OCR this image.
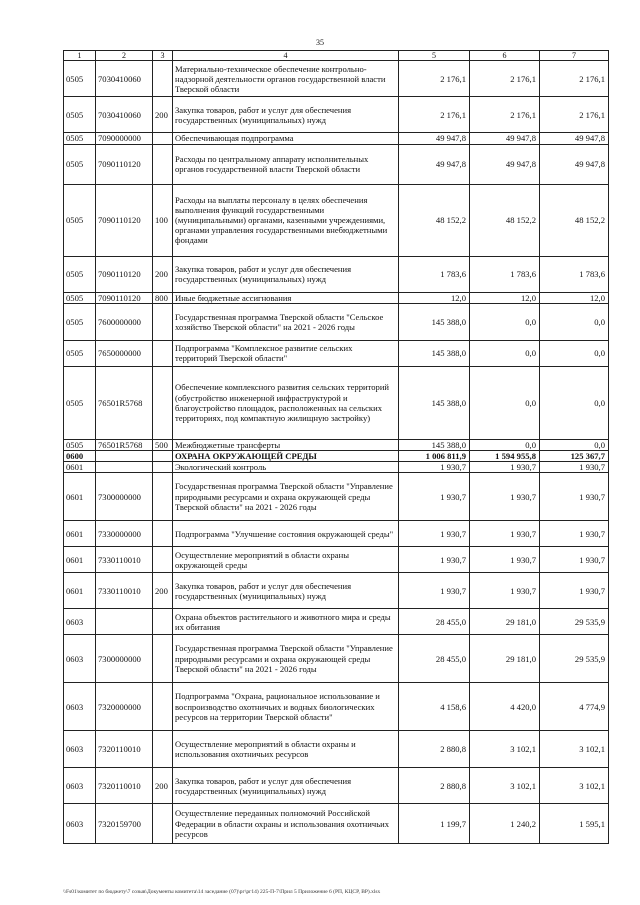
35
1	2	3	4	5	6	7
0505	7030410060		Материально-техническое обеспечение контрольно-надзорной деятельности органов государственной власти Тверской области	2 176,1	2 176,1	2 176,1
0505	7030410060	200	Закупка товаров, работ и услуг для обеспечения государственных (муниципальных) нужд	2 176,1	2 176,1	2 176,1
0505	7090000000		Обеспечивающая подпрограмма	49 947,8	49 947,8	49 947,8
0505	7090110120		Расходы по центральному аппарату исполнительных органов государственной власти Тверской области	49 947,8	49 947,8	49 947,8
0505	7090110120	100	Расходы на выплаты персоналу в целях обеспечения выполнения функций государственными (муниципальными) органами, казенными учреждениями, органами управления государственными внебюджетными фондами	48 152,2	48 152,2	48 152,2
0505	7090110120	200	Закупка товаров, работ и услуг для обеспечения государственных (муниципальных) нужд	1 783,6	1 783,6	1 783,6
0505	7090110120	800	Иные бюджетные ассигнования	12,0	12,0	12,0
0505	7600000000		Государственная программа Тверской области "Сельское хозяйство Тверской области" на 2021 - 2026 годы	145 388,0	0,0	0,0
0505	7650000000		Подпрограмма "Комплексное развитие сельских территорий Тверской области"	145 388,0	0,0	0,0
0505	76501R5768		Обеспечение комплексного развития сельских территорий (обустройство инженерной инфраструктурой и благоустройство площадок, расположенных на сельских территориях, под компактную жилищную застройку)	145 388,0	0,0	0,0
0505	76501R5768	500	Межбюджетные трансферты	145 388,0	0,0	0,0
0600			ОХРАНА ОКРУЖАЮЩЕЙ СРЕДЫ	1 006 811,9	1 594 955,8	125 367,7
0601			Экологический контроль	1 930,7	1 930,7	1 930,7
0601	7300000000		Государственная программа Тверской области "Управление природными ресурсами и охрана окружающей среды Тверской области" на 2021 - 2026 годы	1 930,7	1 930,7	1 930,7
0601	7330000000		Подпрограмма "Улучшение состояния окружающей среды"	1 930,7	1 930,7	1 930,7
0601	7330110010		Осуществление мероприятий в области охраны окружающей среды	1 930,7	1 930,7	1 930,7
0601	7330110010	200	Закупка товаров, работ и услуг для обеспечения государственных (муниципальных) нужд	1 930,7	1 930,7	1 930,7
0603			Охрана объектов растительного и животного мира и среды их обитания	28 455,0	29 181,0	29 535,9
0603	7300000000		Государственная программа Тверской области "Управление природными ресурсами и охрана окружающей среды Тверской области" на 2021 - 2026 годы	28 455,0	29 181,0	29 535,9
0603	7320000000		Подпрограмма "Охрана, рациональное использование и воспроизводство охотничьих и водных биологических ресурсов на территории Тверской области"	4 158,6	4 420,0	4 774,9
0603	7320110010		Осуществление мероприятий в области охраны и использования охотничьих ресурсов	2 880,8	3 102,1	3 102,1
0603	7320110010	200	Закупка товаров, работ и услуг для обеспечения государственных (муниципальных) нужд	2 880,8	3 102,1	3 102,1
0603	7320159700		Осуществление переданных полномочий Российской Федерации в области охраны и использования охотничьих ресурсов	1 199,7	1 240,2	1 595,1
\\Fs01\комитет по бюджету\7 созыв\Документы комитета\14 заседание (07)\рг\рг14) 225-П-7\Прил 5 Приложение 6 (РП, КЦСР, ВР).xlsx
